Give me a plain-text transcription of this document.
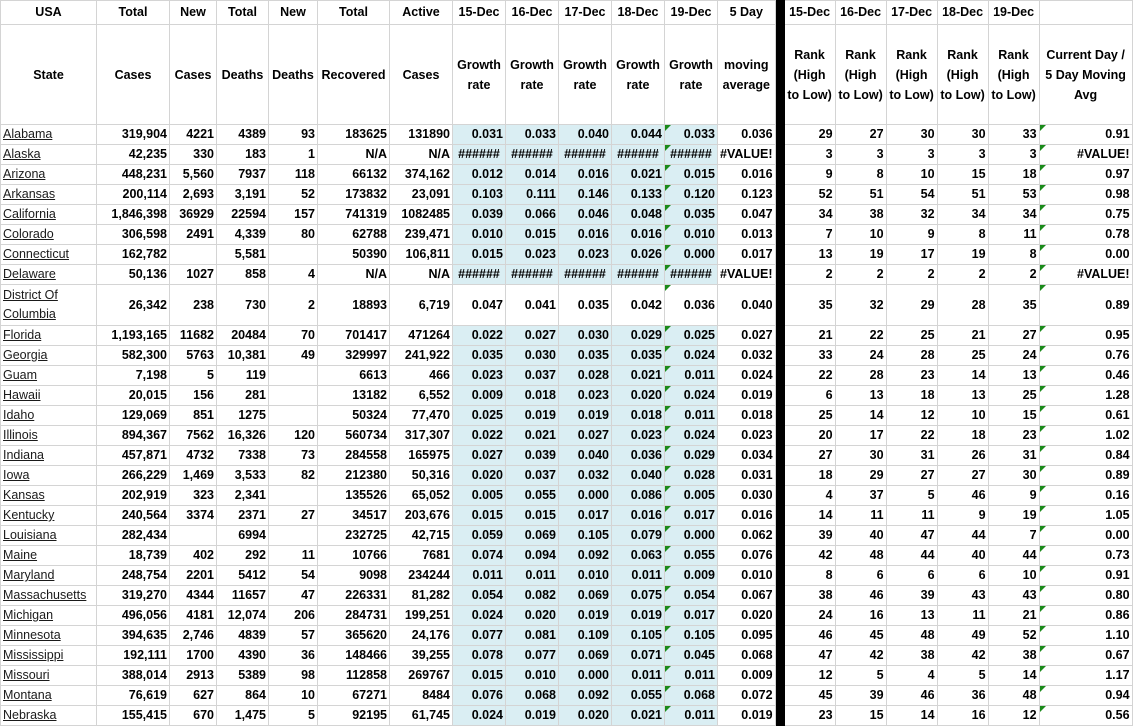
USA	Total	New	Total	New	Total	Active	15-Dec	16-Dec	17-Dec	18-Dec	19-Dec	5 Day		15-Dec	16-Dec	17-Dec	18-Dec	19-Dec	
State	Cases	Cases	Deaths	Deaths	Recovered	Cases	Growth rate	Growth rate	Growth rate	Growth rate	Growth rate	moving average		Rank (High to Low)	Rank (High to Low)	Rank (High to Low)	Rank (High to Low)	Rank (High to Low)	Current Day / 5 Day Moving Avg
Alabama	319,904	4221	4389	93	183625	131890	0.031	0.033	0.040	0.044	0.033	0.036		29	27	30	30	33	0.91
Alaska	42,235	330	183	1	N/A	N/A	######	######	######	######	######	#VALUE!		3	3	3	3	3	#VALUE!
Arizona	448,231	5,560	7937	118	66132	374,162	0.012	0.014	0.016	0.021	0.015	0.016		9	8	10	15	18	0.97
Arkansas	200,114	2,693	3,191	52	173832	23,091	0.103	0.111	0.146	0.133	0.120	0.123		52	51	54	51	53	0.98
California	1,846,398	36929	22594	157	741319	1082485	0.039	0.066	0.046	0.048	0.035	0.047		34	38	32	34	34	0.75
Colorado	306,598	2491	4,339	80	62788	239,471	0.010	0.015	0.016	0.016	0.010	0.013		7	10	9	8	11	0.78
Connecticut	162,782		5,581		50390	106,811	0.015	0.023	0.023	0.026	0.000	0.017		13	19	17	19	8	0.00
Delaware	50,136	1027	858	4	N/A	N/A	######	######	######	######	######	#VALUE!		2	2	2	2	2	#VALUE!
District Of Columbia	26,342	238	730	2	18893	6,719	0.047	0.041	0.035	0.042	0.036	0.040		35	32	29	28	35	0.89
Florida	1,193,165	11682	20484	70	701417	471264	0.022	0.027	0.030	0.029	0.025	0.027		21	22	25	21	27	0.95
Georgia	582,300	5763	10,381	49	329997	241,922	0.035	0.030	0.035	0.035	0.024	0.032		33	24	28	25	24	0.76
Guam	7,198	5	119		6613	466	0.023	0.037	0.028	0.021	0.011	0.024		22	28	23	14	13	0.46
Hawaii	20,015	156	281		13182	6,552	0.009	0.018	0.023	0.020	0.024	0.019		6	13	18	13	25	1.28
Idaho	129,069	851	1275		50324	77,470	0.025	0.019	0.019	0.018	0.011	0.018		25	14	12	10	15	0.61
Illinois	894,367	7562	16,326	120	560734	317,307	0.022	0.021	0.027	0.023	0.024	0.023		20	17	22	18	23	1.02
Indiana	457,871	4732	7338	73	284558	165975	0.027	0.039	0.040	0.036	0.029	0.034		27	30	31	26	31	0.84
Iowa	266,229	1,469	3,533	82	212380	50,316	0.020	0.037	0.032	0.040	0.028	0.031		18	29	27	27	30	0.89
Kansas	202,919	323	2,341		135526	65,052	0.005	0.055	0.000	0.086	0.005	0.030		4	37	5	46	9	0.16
Kentucky	240,564	3374	2371	27	34517	203,676	0.015	0.015	0.017	0.016	0.017	0.016		14	11	11	9	19	1.05
Louisiana	282,434		6994		232725	42,715	0.059	0.069	0.105	0.079	0.000	0.062		39	40	47	44	7	0.00
Maine	18,739	402	292	11	10766	7681	0.074	0.094	0.092	0.063	0.055	0.076		42	48	44	40	44	0.73
Maryland	248,754	2201	5412	54	9098	234244	0.011	0.011	0.010	0.011	0.009	0.010		8	6	6	6	10	0.91
Massachusetts	319,270	4344	11657	47	226331	81,282	0.054	0.082	0.069	0.075	0.054	0.067		38	46	39	43	43	0.80
Michigan	496,056	4181	12,074	206	284731	199,251	0.024	0.020	0.019	0.019	0.017	0.020		24	16	13	11	21	0.86
Minnesota	394,635	2,746	4839	57	365620	24,176	0.077	0.081	0.109	0.105	0.105	0.095		46	45	48	49	52	1.10
Mississippi	192,111	1700	4390	36	148466	39,255	0.078	0.077	0.069	0.071	0.045	0.068		47	42	38	42	38	0.67
Missouri	388,014	2913	5389	98	112858	269767	0.015	0.010	0.000	0.011	0.011	0.009		12	5	4	5	14	1.17
Montana	76,619	627	864	10	67271	8484	0.076	0.068	0.092	0.055	0.068	0.072		45	39	46	36	48	0.94
Nebraska	155,415	670	1,475	5	92195	61,745	0.024	0.019	0.020	0.021	0.011	0.019		23	15	14	16	12	0.56
